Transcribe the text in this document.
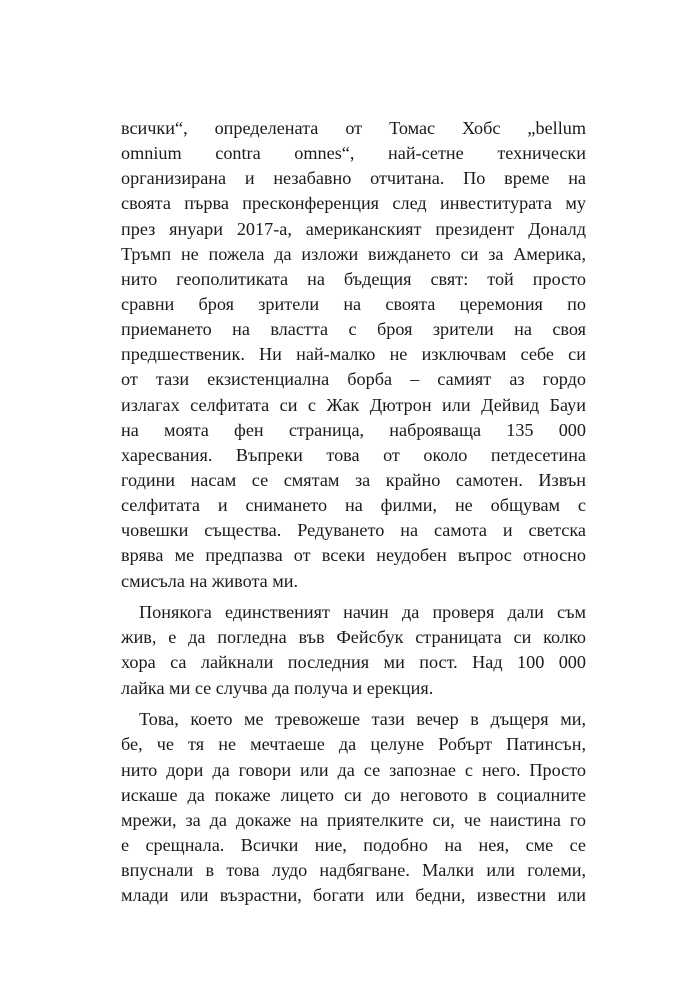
всички“, определената от Томас Хобс „bellum
omnium contra omnes“, най-сетне технически
организирана и незабавно отчитана. По време на
своята първа пресконференция след инвеститурата му
през януари 2017-а, американският президент Доналд
Тръмп не пожела да изложи виждането си за Америка,
нито геополитиката на бъдещия свят: той просто
сравни броя зрители на своята церемония по
приемането на властта с броя зрители на своя
предшественик. Ни най-малко не изключвам себе си
от тази екзистенциална борба – самият аз гордо
излагах селфитата си с Жак Дютрон или Дейвид Бауи
на моята фен страница, наброяваща 135 000
харесвания. Въпреки това от около петдесетина
години насам се смятам за крайно самотен. Извън
селфитата и снимането на филми, не общувам с
човешки същества. Редуването на самота и светска
врява ме предпазва от всеки неудобен въпрос относно
смисъла на живота ми.
Понякога единственият начин да проверя дали съм
жив, е да погледна във Фейсбук страницата си колко
хора са лайкнали последния ми пост. Над 100 000
лайка ми се случва да получа и ерекция.
Това, което ме тревожеше тази вечер в дъщеря ми,
бе, че тя не мечтаеше да целуне Робърт Патинсън,
нито дори да говори или да се запознае с него. Просто
искаше да покаже лицето си до неговото в социалните
мрежи, за да докаже на приятелките си, че наистина го
е срещнала. Всички ние, подобно на нея, сме се
впуснали в това лудо надбягване. Малки или големи,
млади или възрастни, богати или бедни, известни или
